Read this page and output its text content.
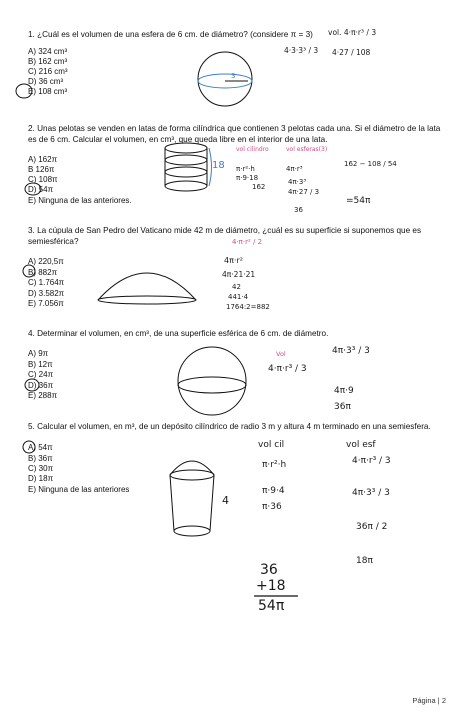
1. ¿Cuál es el volumen de una esfera de 6 cm. de diámetro? (considere π = 3)
A) 324 cm³
B) 162 cm³
C) 216 cm³
D) 36 cm³
E) 108 cm³
3
vol. 4·π·r³ / 3
4·3·3³ / 3 4·27 / 108
2. Unas pelotas se venden en latas de forma cilíndrica que contienen 3 pelotas cada una. Si el diámetro de la lata
es de 6 cm. Calcular el volumen, en cm³, que queda libre en el interior de una lata.
A) 162π
B 126π
C) 108π
D) 54π
E) Ninguna de las anteriores.
18
vol cilindro	vol esferas(3)
π·r²·h
π·9·18
162
4π·r³
4π·3³
4π·27 / 3
36
162 − 108 / 54
=54π
3. La cúpula de San Pedro del Vaticano mide 42 m de diámetro, ¿cuál es su superficie si suponemos que es
semiesférica?
A) 220,5π
B) 882π
C) 1.764π
D) 3.582π
E) 7.056π
4·π·r² / 2
4π·r²
4π·21·21
42
441·4
1764:2=882
4. Determinar el volumen, en cm³, de una superficie esférica de 6 cm. de diámetro.
A) 9π
B) 12π
C) 24π
D) 36π
E) 288π
Vol
4·π·r³ / 3
4π·3³ / 3
4π·9
36π
5. Calcular el volumen, en m³, de un depósito cilíndrico de radio 3 m y altura 4 m terminado en una semiesfera.
A) 54π
B) 36π
C) 30π
D) 18π
E) Ninguna de las anteriores
4
vol cil
π·r²·h
π·9·4
π·36
vol esf
4·π·r³ / 3
4π·3³ / 3
36π / 2
18π
36
+18
54π
Página | 2
